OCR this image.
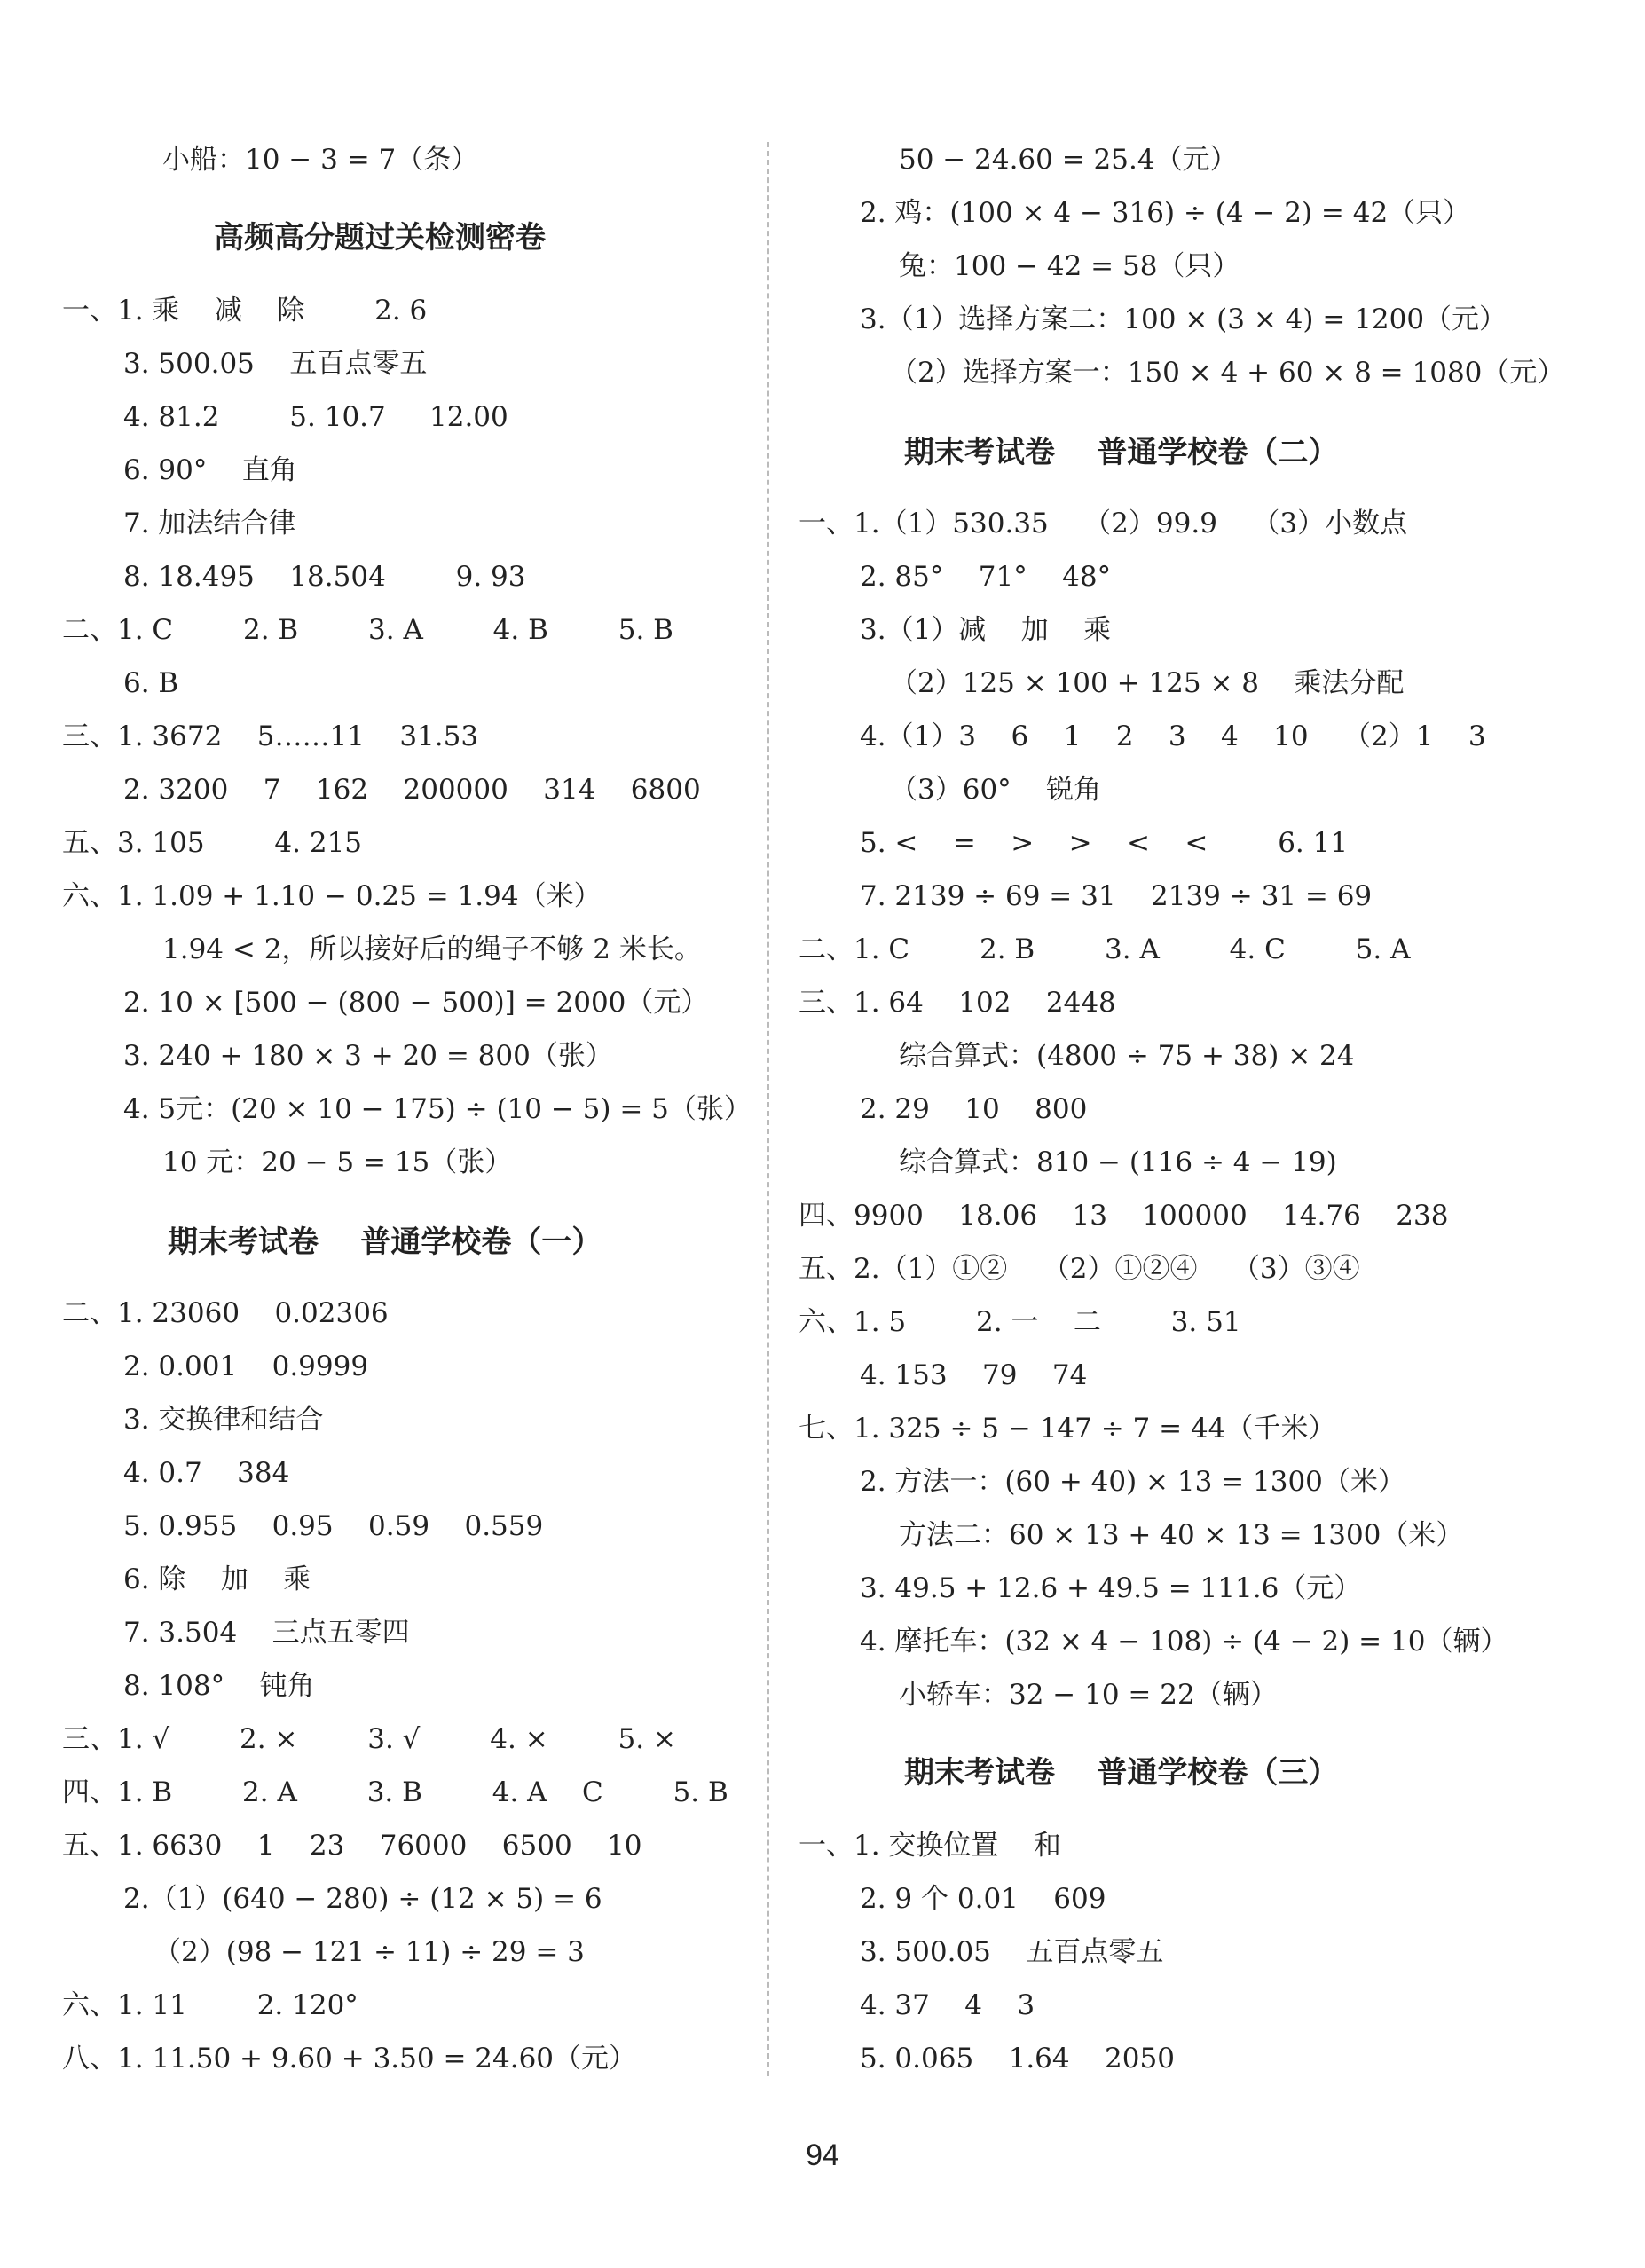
小船：10 − 3 = 7（条）
高频高分题过关检测密卷
一、1. 乘    减    除        2. 6
3. 500.05    五百点零五
4. 81.2        5. 10.7     12.00
6. 90°    直角
7. 加法结合律
8. 18.495    18.504        9. 93
二、1. C        2. B        3. A        4. B        5. B
6. B
三、1. 3672    5……11    31.53
2. 3200    7    162    200000    314    6800
五、3. 105        4. 215
六、1. 1.09 + 1.10 − 0.25 = 1.94（米）
1.94 < 2，所以接好后的绳子不够 2 米长。
2. 10 × [500 − (800 − 500)] = 2000（元）
3. 240 + 180 × 3 + 20 = 800（张）
4. 5元：(20 × 10 − 175) ÷ (10 − 5) = 5（张）
10 元：20 − 5 = 15（张）
期末考试卷    普通学校卷（一）
二、1. 23060    0.02306
2. 0.001    0.9999
3. 交换律和结合
4. 0.7    384
5. 0.955    0.95    0.59    0.559
6. 除    加    乘
7. 3.504    三点五零四
8. 108°    钝角
三、1. √        2. ×        3. √        4. ×        5. ×
四、1. B        2. A        3. B        4. A    C        5. B
五、1. 6630    1    23    76000    6500    10
2.（1）(640 − 280) ÷ (12 × 5) = 6
（2）(98 − 121 ÷ 11) ÷ 29 = 3
六、1. 11        2. 120°
八、1. 11.50 + 9.60 + 3.50 = 24.60（元）
50 − 24.60 = 25.4（元）
2. 鸡：(100 × 4 − 316) ÷ (4 − 2) = 42（只）
兔：100 − 42 = 58（只）
3.（1）选择方案二：100 × (3 × 4) = 1200（元）
（2）选择方案一：150 × 4 + 60 × 8 = 1080（元）
期末考试卷    普通学校卷（二）
一、1.（1）530.35    （2）99.9    （3）小数点
2. 85°    71°    48°
3.（1）减    加    乘
（2）125 × 100 + 125 × 8    乘法分配
4.（1）3    6    1    2    3    4    10    （2）1    3
（3）60°    锐角
5. <    =    >    >    <    <        6. 11
7. 2139 ÷ 69 = 31    2139 ÷ 31 = 69
二、1. C        2. B        3. A        4. C        5. A
三、1. 64    102    2448
综合算式：(4800 ÷ 75 + 38) × 24
2. 29    10    800
综合算式：810 − (116 ÷ 4 − 19)
四、9900    18.06    13    100000    14.76    238
五、2.（1）①②    （2）①②④    （3）③④
六、1. 5        2. 一    二        3. 51
4. 153    79    74
七、1. 325 ÷ 5 − 147 ÷ 7 = 44（千米）
2. 方法一：(60 + 40) × 13 = 1300（米）
方法二：60 × 13 + 40 × 13 = 1300（米）
3. 49.5 + 12.6 + 49.5 = 111.6（元）
4. 摩托车：(32 × 4 − 108) ÷ (4 − 2) = 10（辆）
小轿车：32 − 10 = 22（辆）
期末考试卷    普通学校卷（三）
一、1. 交换位置    和
2. 9 个 0.01    609
3. 500.05    五百点零五
4. 37    4    3
5. 0.065    1.64    2050
94
